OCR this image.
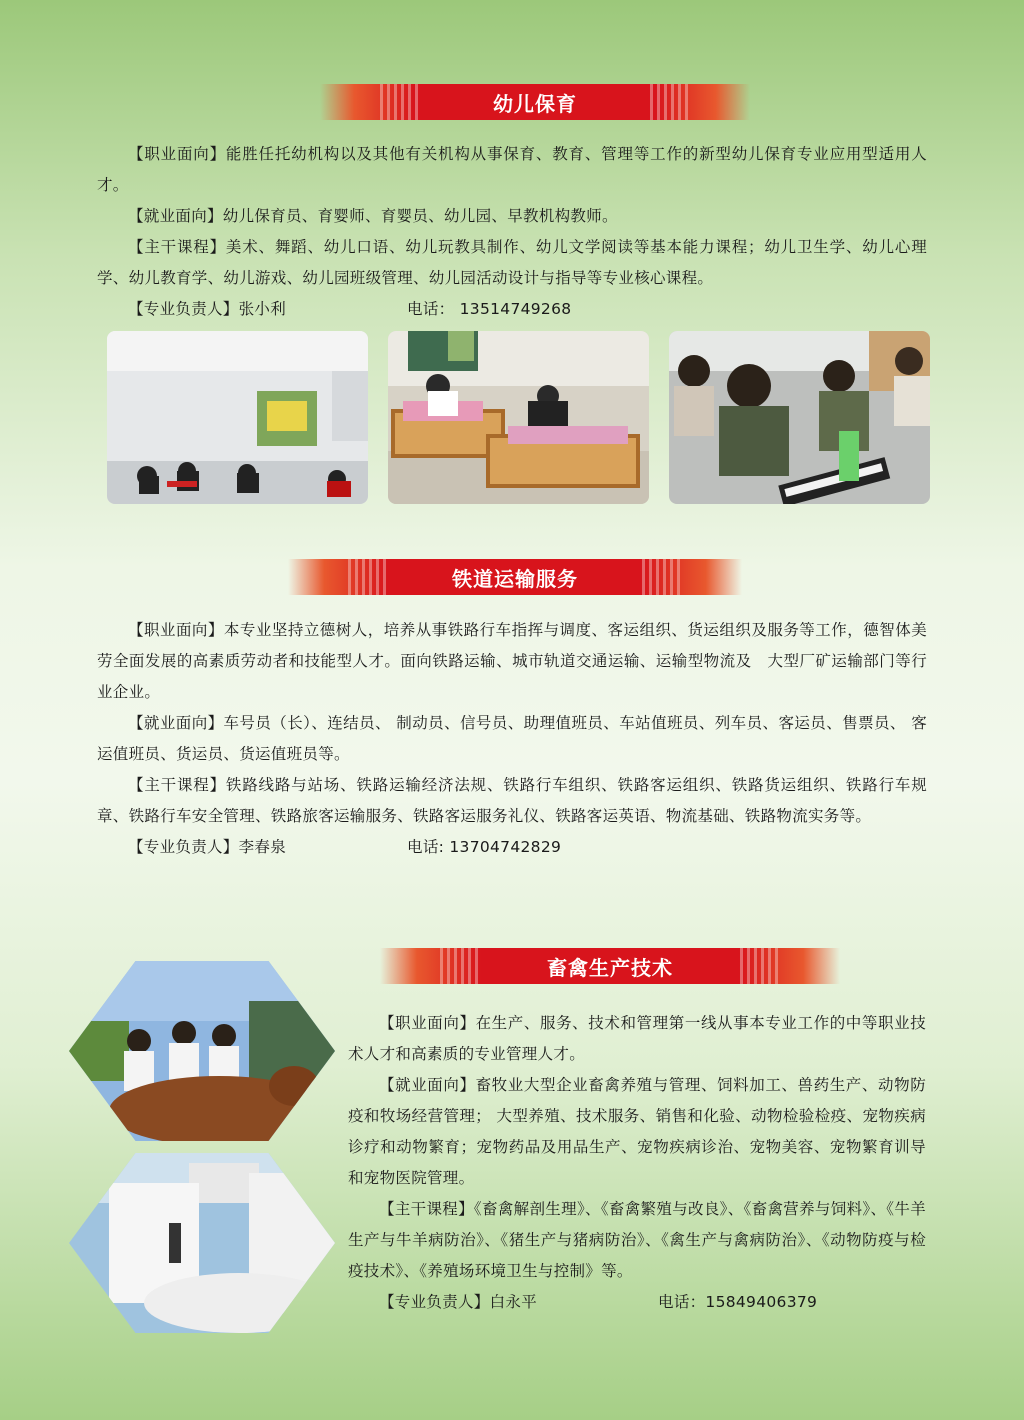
幼儿保育

【职业面向】能胜任托幼机构以及其他有关机构从事保育、教育、管理等工作的新型幼儿保育专业应用型适用人才。

【就业面向】幼儿保育员、育婴师、育婴员、幼儿园、早教机构教师。

【主干课程】美术、舞蹈、幼儿口语、幼儿玩教具制作、幼儿文学阅读等基本能力课程；幼儿卫生学、幼儿心理学、幼儿教育学、幼儿游戏、幼儿园班级管理、幼儿园活动设计与指导等专业核心课程。

【专业负责人】张小利	电话： 13514749268

铁道运输服务

【职业面向】本专业坚持立德树人，培养从事铁路行车指挥与调度、客运组织、货运组织及服务等工作，德智体美劳全面发展的高素质劳动者和技能型人才。面向铁路运输、城市轨道交通运输、运输型物流及　大型厂矿运输部门等行业企业。

【就业面向】车号员（长）、连结员、 制动员、信号员、助理值班员、车站值班员、列车员、客运员、售票员、 客运值班员、货运员、货运值班员等。

【主干课程】铁路线路与站场、铁路运输经济法规、铁路行车组织、铁路客运组织、铁路货运组织、铁路行车规章、铁路行车安全管理、铁路旅客运输服务、铁路客运服务礼仪、铁路客运英语、物流基础、铁路物流实务等。

【专业负责人】李春泉	电话: 13704742829

畜禽生产技术

【职业面向】在生产、服务、技术和管理第一线从事本专业工作的中等职业技术人才和高素质的专业管理人才。

【就业面向】畜牧业大型企业畜禽养殖与管理、饲料加工、兽药生产、动物防疫和牧场经营管理； 大型养殖、技术服务、销售和化验、动物检验检疫、宠物疾病诊疗和动物繁育；宠物药品及用品生产、宠物疾病诊治、宠物美容、宠物繁育训导和宠物医院管理。

【主干课程】《畜禽解剖生理》、《畜禽繁殖与改良》、《畜禽营养与饲料》、《牛羊生产与牛羊病防治》、《猪生产与猪病防治》、《禽生产与禽病防治》、《动物防疫与检疫技术》、《养殖场环境卫生与控制》等。

【专业负责人】白永平	电话：15849406379
